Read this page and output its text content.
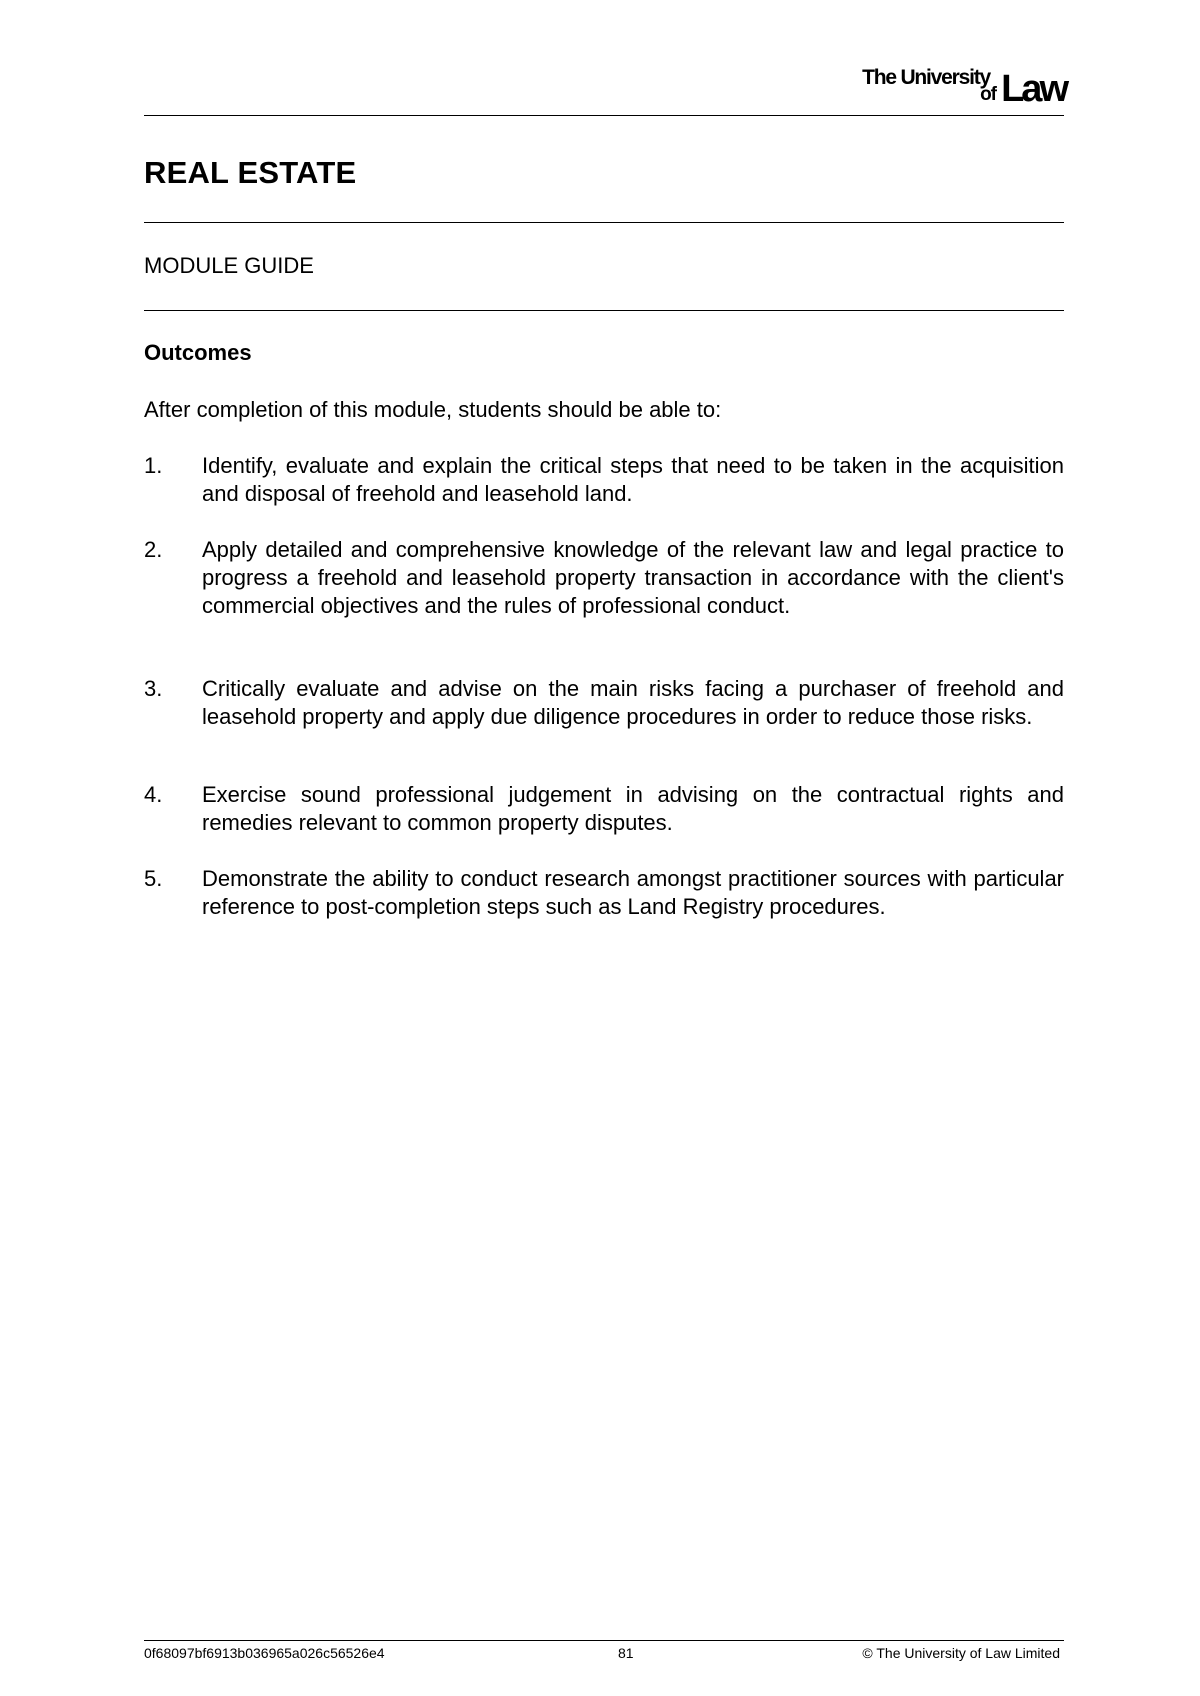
The University
of Law
REAL ESTATE
MODULE GUIDE
Outcomes
After completion of this module, students should be able to:
1.	Identify, evaluate and explain the critical steps that need to be taken in the acquisition and disposal of freehold and leasehold land.
2.	Apply detailed and comprehensive knowledge of the relevant law and legal practice to progress a freehold and leasehold property transaction in accordance with the client's commercial objectives and the rules of professional conduct.
3.	Critically evaluate and advise on the main risks facing a purchaser of freehold and leasehold property and apply due diligence procedures in order to reduce those risks.
4.	Exercise sound professional judgement in advising on the contractual rights and remedies relevant to common property disputes.
5.	Demonstrate the ability to conduct research amongst practitioner sources with particular reference to post-completion steps such as Land Registry procedures.
0f68097bf6913b036965a026c56526e4	81	© The University of Law Limited
